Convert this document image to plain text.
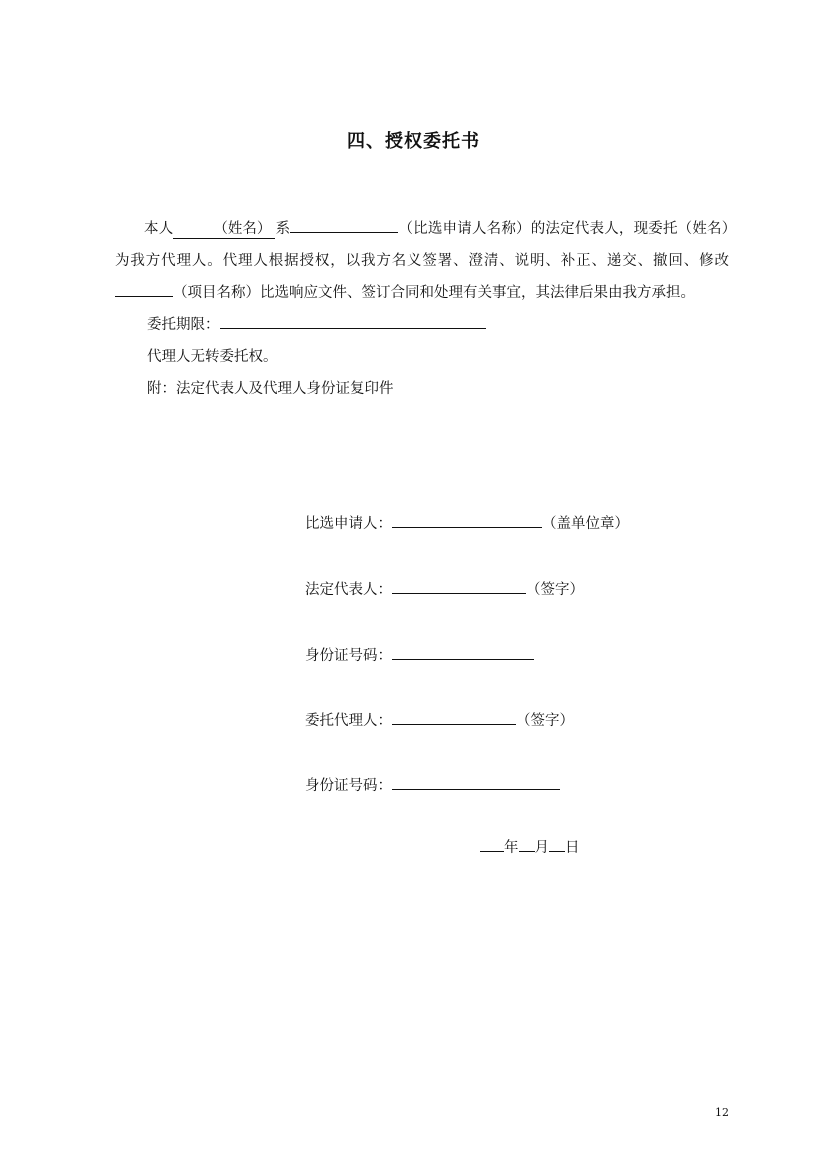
四、授权委托书

本人	（姓名） 系	（比选申请人名称）的法定代表人，现委托（姓名）为我方代理人。代理人根据授权，以我方名义签署、澄清、说明、补正、递交、撤回、修改（项目名称）比选响应文件、签订合同和处理有关事宜，其法律后果由我方承担。

委托期限：

代理人无转委托权。

附：法定代表人及代理人身份证复印件

比选申请人：	（盖单位章）
法定代表人：	（签字）
身份证号码：
委托代理人：	（签字）
身份证号码：
年 月 日
12
